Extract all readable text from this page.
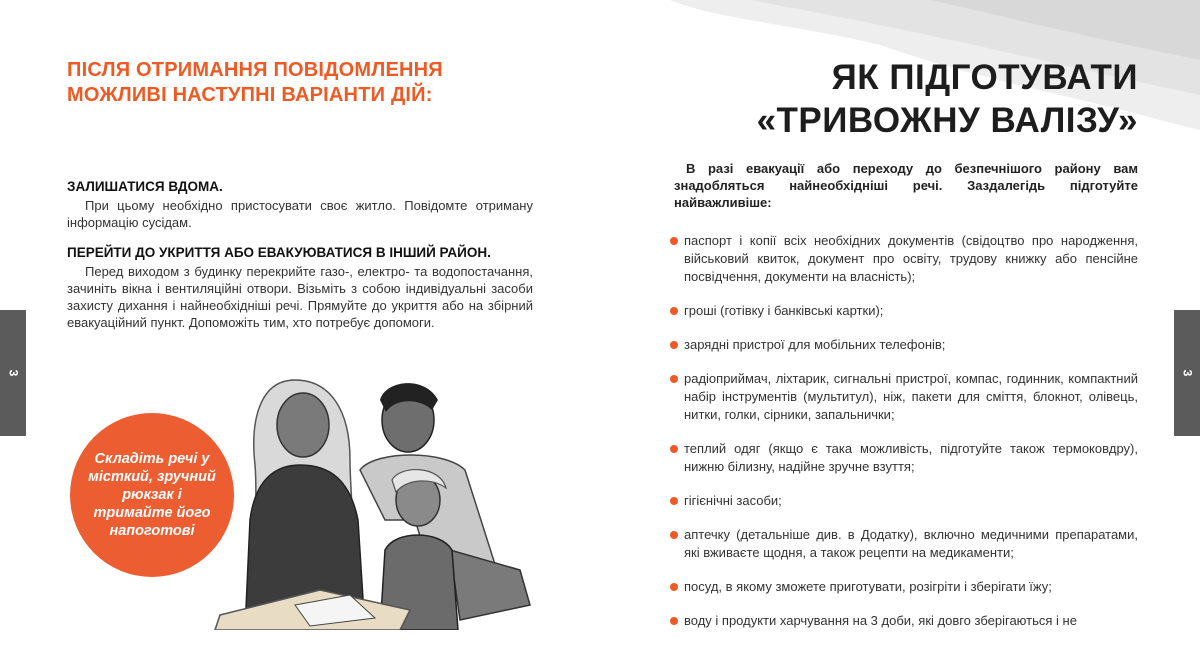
3
ПІСЛЯ ОТРИМАННЯ ПОВІДОМЛЕННЯ МОЖЛИВІ НАСТУПНІ ВАРІАНТИ ДІЙ:
ЗАЛИШАТИСЯ ВДОМА.

При цьому необхідно пристосувати своє житло. Повідомте отриману інформацію сусідам.

ПЕРЕЙТИ ДО УКРИТТЯ АБО ЕВАКУЮВАТИСЯ В ІНШИЙ РАЙОН.

Перед виходом з будинку перекрийте газо-, електро- та водопостачання, зачиніть вікна і вентиляційні отвори. Візьміть з собою індивідуальні засоби захисту дихання і найнеобхідніші речі. Прямуйте до укриття або на збірний евакуаційний пункт. Допоможіть тим, хто потребує допомоги.

Складіть речі у місткий, зручний рюкзак і тримайте його напоготові
3
ЯК ПІДГОТУВАТИ
«ТРИВОЖНУ ВАЛІЗУ»
В разі евакуації або переходу до безпечнішого району вам знадобляться найнеобхідніші речі. Заздалегідь підготуйте найважливіше:
паспорт і копії всіх необхідних документів (свідоцтво про народження, військовий квиток, документ про освіту, трудову книжку або пенсійне посвідчення, документи на власність);
гроші (готівку і банківські картки);
зарядні пристрої для мобільних телефонів;
радіоприймач, ліхтарик, сигнальні пристрої, компас, годинник, компактний набір інструментів (мультитул), ніж, пакети для сміття, блокнот, олівець, нитки, голки, сірники, запальнички;
теплий одяг (якщо є така можливість, підготуйте також термоковдру), нижню білизну, надійне зручне взуття;
гігієнічні засоби;
аптечку (детальніше див. в Додатку), включно медичними препаратами, які вживаєте щодня, а також рецепти на медикаменти;
посуд, в якому зможете приготувати, розігріти і зберігати їжу;
воду і продукти харчування на 3 доби, які довго зберігаються і не
